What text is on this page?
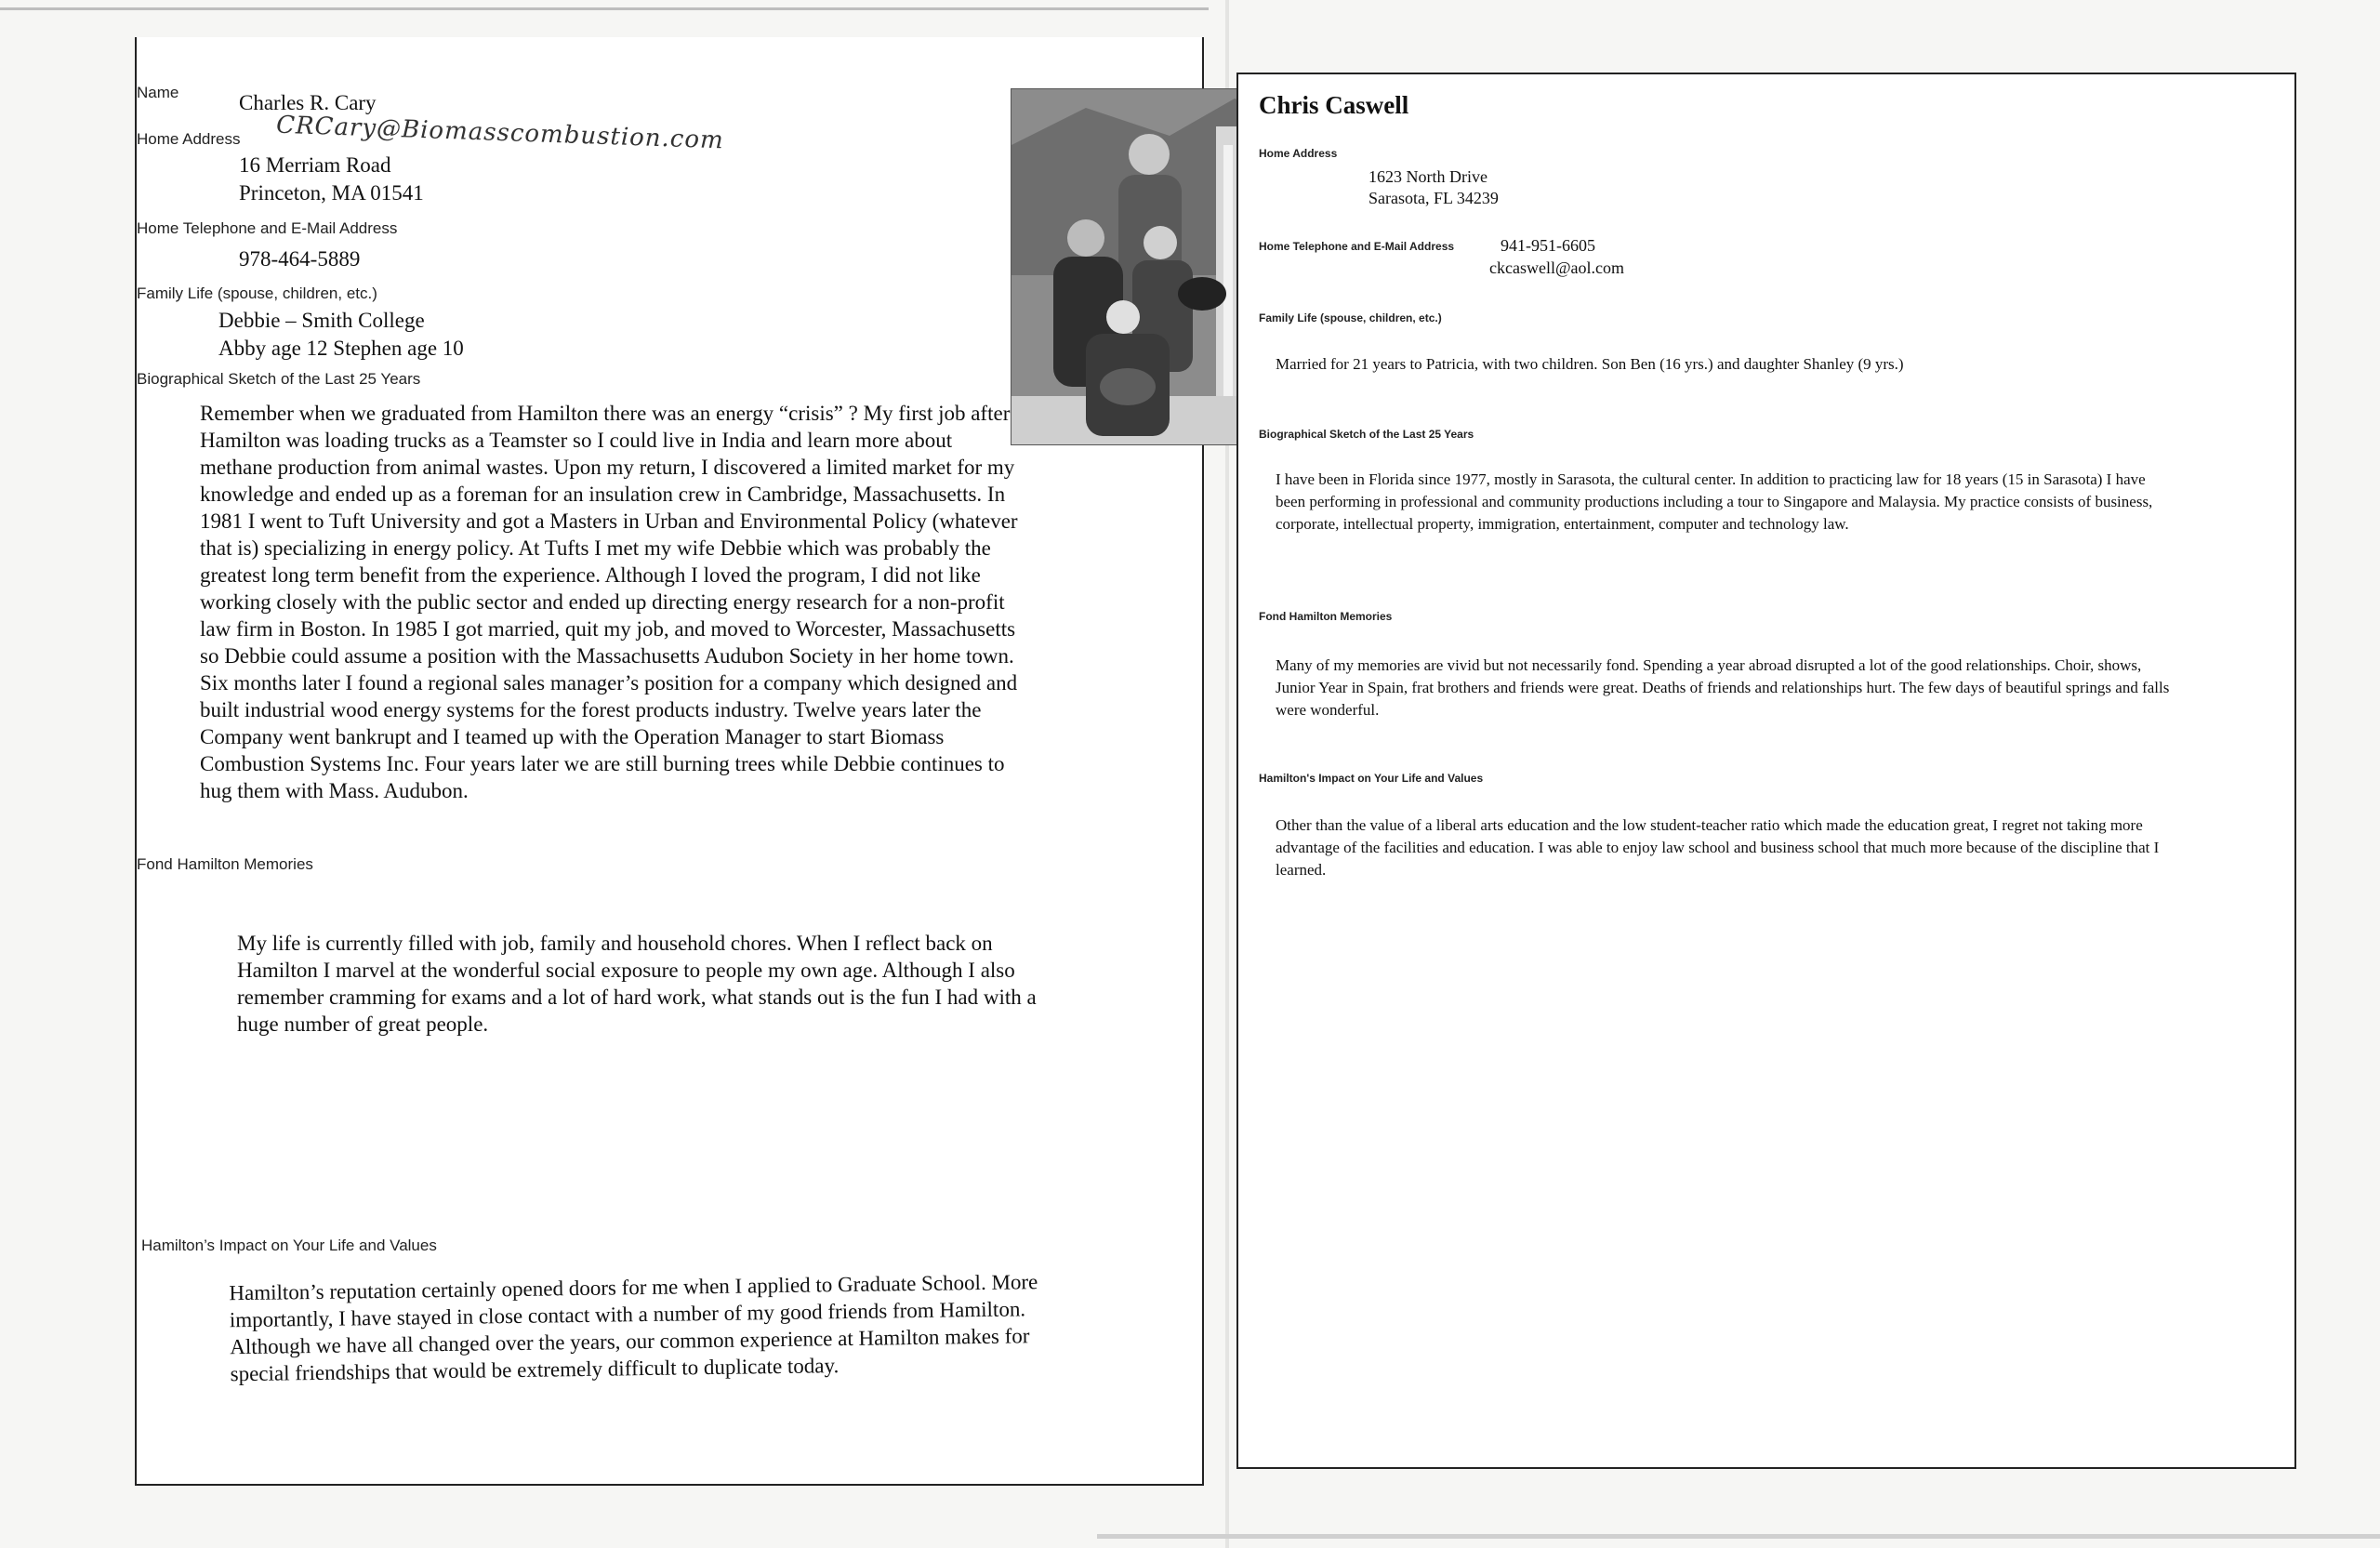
Name	Charles R. Cary
Home Address CRCary@Biomasscombustion.com
16 Merriam Road
Princeton, MA 01541
Home Telephone and E-Mail Address
978-464-5889
Family Life (spouse, children, etc.)
Debbie – Smith College
Abby age 12 Stephen age 10
Biographical Sketch of the Last 25 Years
Remember when we graduated from Hamilton there was an energy “crisis” ? My first job after Hamilton was loading trucks as a Teamster so I could live in India and learn more about methane production from animal wastes. Upon my return, I discovered a limited market for my knowledge and ended up as a foreman for an insulation crew in Cambridge, Massachusetts. In 1981 I went to Tuft University and got a Masters in Urban and Environmental Policy (whatever that is) specializing in energy policy. At Tufts I met my wife Debbie which was probably the greatest long term benefit from the experience. Although I loved the program, I did not like working closely with the public sector and ended up directing energy research for a non-profit law firm in Boston. In 1985 I got married, quit my job, and moved to Worcester, Massachusetts so Debbie could assume a position with the Massachusetts Audubon Society in her home town. Six months later I found a regional sales manager’s position for a company which designed and built industrial wood energy systems for the forest products industry. Twelve years later the Company went bankrupt and I teamed up with the Operation Manager to start Biomass Combustion Systems Inc. Four years later we are still burning trees while Debbie continues to hug them with Mass. Audubon.
Fond Hamilton Memories
My life is currently filled with job, family and household chores. When I reflect back on Hamilton I marvel at the wonderful social exposure to people my own age. Although I also remember cramming for exams and a lot of hard work, what stands out is the fun I had with a huge number of great people.
Hamilton’s Impact on Your Life and Values
Hamilton’s reputation certainly opened doors for me when I applied to Graduate School. More importantly, I have stayed in close contact with a number of my good friends from Hamilton. Although we have all changed over the years, our common experience at Hamilton makes for special friendships that would be extremely difficult to duplicate today.
Chris Caswell
Home Address
1623 North Drive
Sarasota, FL 34239
Home Telephone and E-Mail Address	941-951-6605
ckcaswell@aol.com
Family Life (spouse, children, etc.)
Married for 21 years to Patricia, with two children. Son Ben (16 yrs.) and daughter Shanley (9 yrs.)
Biographical Sketch of the Last 25 Years
I have been in Florida since 1977, mostly in Sarasota, the cultural center. In addition to practicing law for 18 years (15 in Sarasota) I have been performing in professional and community productions including a tour to Singapore and Malaysia. My practice consists of business, corporate, intellectual property, immigration, entertainment, computer and technology law.
Fond Hamilton Memories
Many of my memories are vivid but not necessarily fond. Spending a year abroad disrupted a lot of the good relationships. Choir, shows, Junior Year in Spain, frat brothers and friends were great. Deaths of friends and relationships hurt. The few days of beautiful springs and falls were wonderful.
Hamilton's Impact on Your Life and Values
Other than the value of a liberal arts education and the low student-teacher ratio which made the education great, I regret not taking more advantage of the facilities and education. I was able to enjoy law school and business school that much more because of the discipline that I learned.
